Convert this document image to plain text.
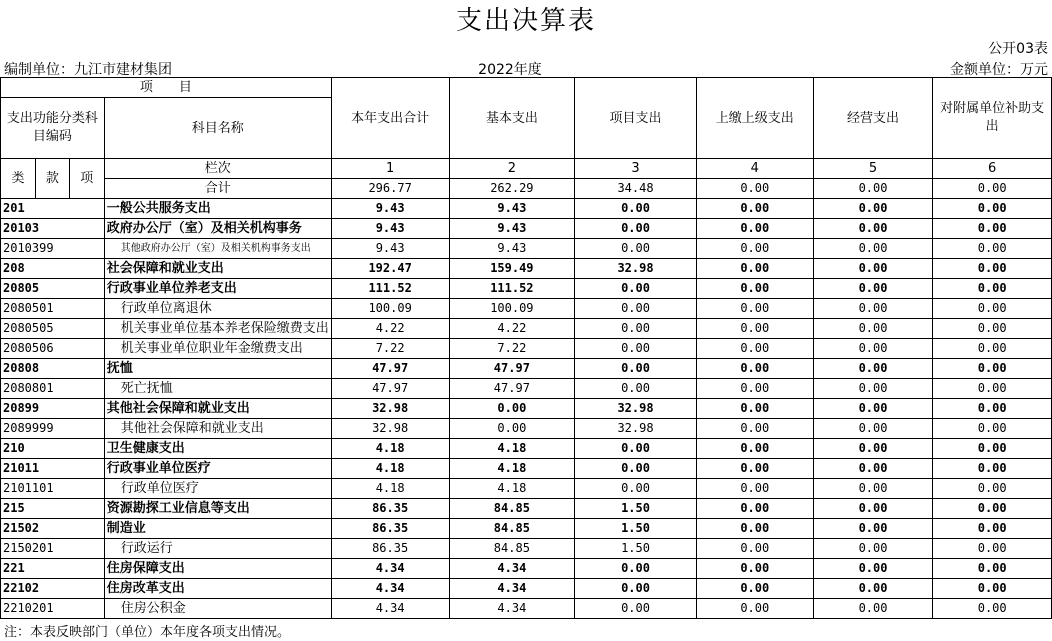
支出决算表
公开03表
编制单位：九江市建材集团	2022年度	金额单位：万元
项　　目				本年支出合计	基本支出	项目支出	上缴上级支出	经营支出	对附属单位补助支出
支出功能分类科目编码			科目名称						

类	款	项	栏次	1	2	3	4	5	6
			合计	296.77	262.29	34.48	0.00	0.00	0.00
201			一般公共服务支出	9.43	9.43	0.00	0.00	0.00	0.00
20103			政府办公厅（室）及相关机构事务	9.43	9.43	0.00	0.00	0.00	0.00
2010399			其他政府办公厅（室）及相关机构事务支出	9.43	9.43	0.00	0.00	0.00	0.00
208			社会保障和就业支出	192.47	159.49	32.98	0.00	0.00	0.00
20805			行政事业单位养老支出	111.52	111.52	0.00	0.00	0.00	0.00
2080501			行政单位离退休	100.09	100.09	0.00	0.00	0.00	0.00
2080505			机关事业单位基本养老保险缴费支出	4.22	4.22	0.00	0.00	0.00	0.00
2080506			机关事业单位职业年金缴费支出	7.22	7.22	0.00	0.00	0.00	0.00
20808			抚恤	47.97	47.97	0.00	0.00	0.00	0.00
2080801			死亡抚恤	47.97	47.97	0.00	0.00	0.00	0.00
20899			其他社会保障和就业支出	32.98	0.00	32.98	0.00	0.00	0.00
2089999			其他社会保障和就业支出	32.98	0.00	32.98	0.00	0.00	0.00
210			卫生健康支出	4.18	4.18	0.00	0.00	0.00	0.00
21011			行政事业单位医疗	4.18	4.18	0.00	0.00	0.00	0.00
2101101			行政单位医疗	4.18	4.18	0.00	0.00	0.00	0.00
215			资源勘探工业信息等支出	86.35	84.85	1.50	0.00	0.00	0.00
21502			制造业	86.35	84.85	1.50	0.00	0.00	0.00
2150201			行政运行	86.35	84.85	1.50	0.00	0.00	0.00
221			住房保障支出	4.34	4.34	0.00	0.00	0.00	0.00
22102			住房改革支出	4.34	4.34	0.00	0.00	0.00	0.00
2210201			住房公积金	4.34	4.34	0.00	0.00	0.00	0.00
注：本表反映部门（单位）本年度各项支出情况。
